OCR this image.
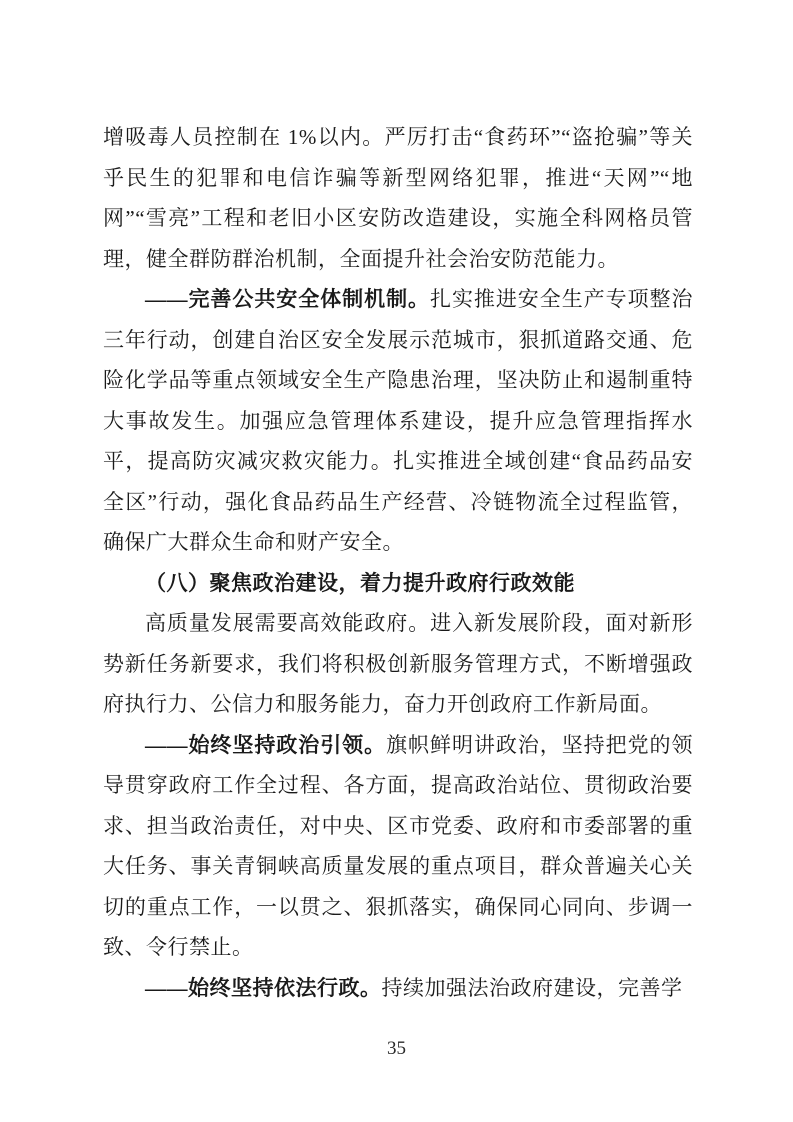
增吸毒人员控制在 1%以内。严厉打击“食药环”“盗抢骗”等关乎民生的犯罪和电信诈骗等新型网络犯罪，推进“天网”“地网”“雪亮”工程和老旧小区安防改造建设，实施全科网格员管理，健全群防群治机制，全面提升社会治安防范能力。

——完善公共安全体制机制。扎实推进安全生产专项整治三年行动，创建自治区安全发展示范城市，狠抓道路交通、危险化学品等重点领域安全生产隐患治理，坚决防止和遏制重特大事故发生。加强应急管理体系建设，提升应急管理指挥水平，提高防灾减灾救灾能力。扎实推进全域创建“食品药品安全区”行动，强化食品药品生产经营、冷链物流全过程监管，确保广大群众生命和财产安全。

（八）聚焦政治建设，着力提升政府行政效能

高质量发展需要高效能政府。进入新发展阶段，面对新形势新任务新要求，我们将积极创新服务管理方式，不断增强政府执行力、公信力和服务能力，奋力开创政府工作新局面。

——始终坚持政治引领。旗帜鲜明讲政治，坚持把党的领导贯穿政府工作全过程、各方面，提高政治站位、贯彻政治要求、担当政治责任，对中央、区市党委、政府和市委部署的重大任务、事关青铜峡高质量发展的重点项目，群众普遍关心关切的重点工作，一以贯之、狠抓落实，确保同心同向、步调一致、令行禁止。

——始终坚持依法行政。持续加强法治政府建设，完善学

35
